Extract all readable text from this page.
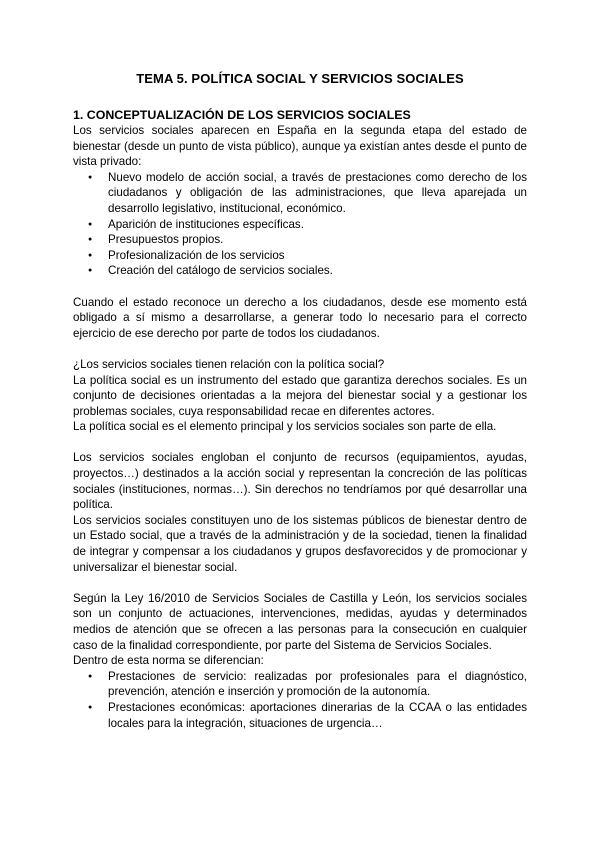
TEMA 5. POLÍTICA SOCIAL Y SERVICIOS SOCIALES
1. CONCEPTUALIZACIÓN DE LOS SERVICIOS SOCIALES

Los servicios sociales aparecen en España en la segunda etapa del estado de bienestar (desde un punto de vista público), aunque ya existían antes desde el punto de vista privado:

● Nuevo modelo de acción social, a través de prestaciones como derecho de los ciudadanos y obligación de las administraciones, que lleva aparejada un desarrollo legislativo, institucional, económico.
● Aparición de instituciones específicas.
● Presupuestos propios.
● Profesionalización de los servicios
● Creación del catálogo de servicios sociales.

Cuando el estado reconoce un derecho a los ciudadanos, desde ese momento está obligado a sí mismo a desarrollarse, a generar todo lo necesario para el correcto ejercicio de ese derecho por parte de todos los ciudadanos.

¿Los servicios sociales tienen relación con la política social?

La política social es un instrumento del estado que garantiza derechos sociales. Es un conjunto de decisiones orientadas a la mejora del bienestar social y a gestionar los problemas sociales, cuya responsabilidad recae en diferentes actores.

La política social es el elemento principal y los servicios sociales son parte de ella.

Los servicios sociales engloban el conjunto de recursos (equipamientos, ayudas, proyectos…) destinados a la acción social y representan la concreción de las políticas sociales (instituciones, normas…). Sin derechos no tendríamos por qué desarrollar una política.

Los servicios sociales constituyen uno de los sistemas públicos de bienestar dentro de un Estado social, que a través de la administración y de la sociedad, tienen la finalidad de integrar y compensar a los ciudadanos y grupos desfavorecidos y de promocionar y universalizar el bienestar social.

Según la Ley 16/2010 de Servicios Sociales de Castilla y León, los servicios sociales son un conjunto de actuaciones, intervenciones, medidas, ayudas y determinados medios de atención que se ofrecen a las personas para la consecución en cualquier caso de la finalidad correspondiente, por parte del Sistema de Servicios Sociales.

Dentro de esta norma se diferencian:

● Prestaciones de servicio: realizadas por profesionales para el diagnóstico, prevención, atención e inserción y promoción de la autonomía.
● Prestaciones económicas: aportaciones dinerarias de la CCAA o las entidades locales para la integración, situaciones de urgencia…
